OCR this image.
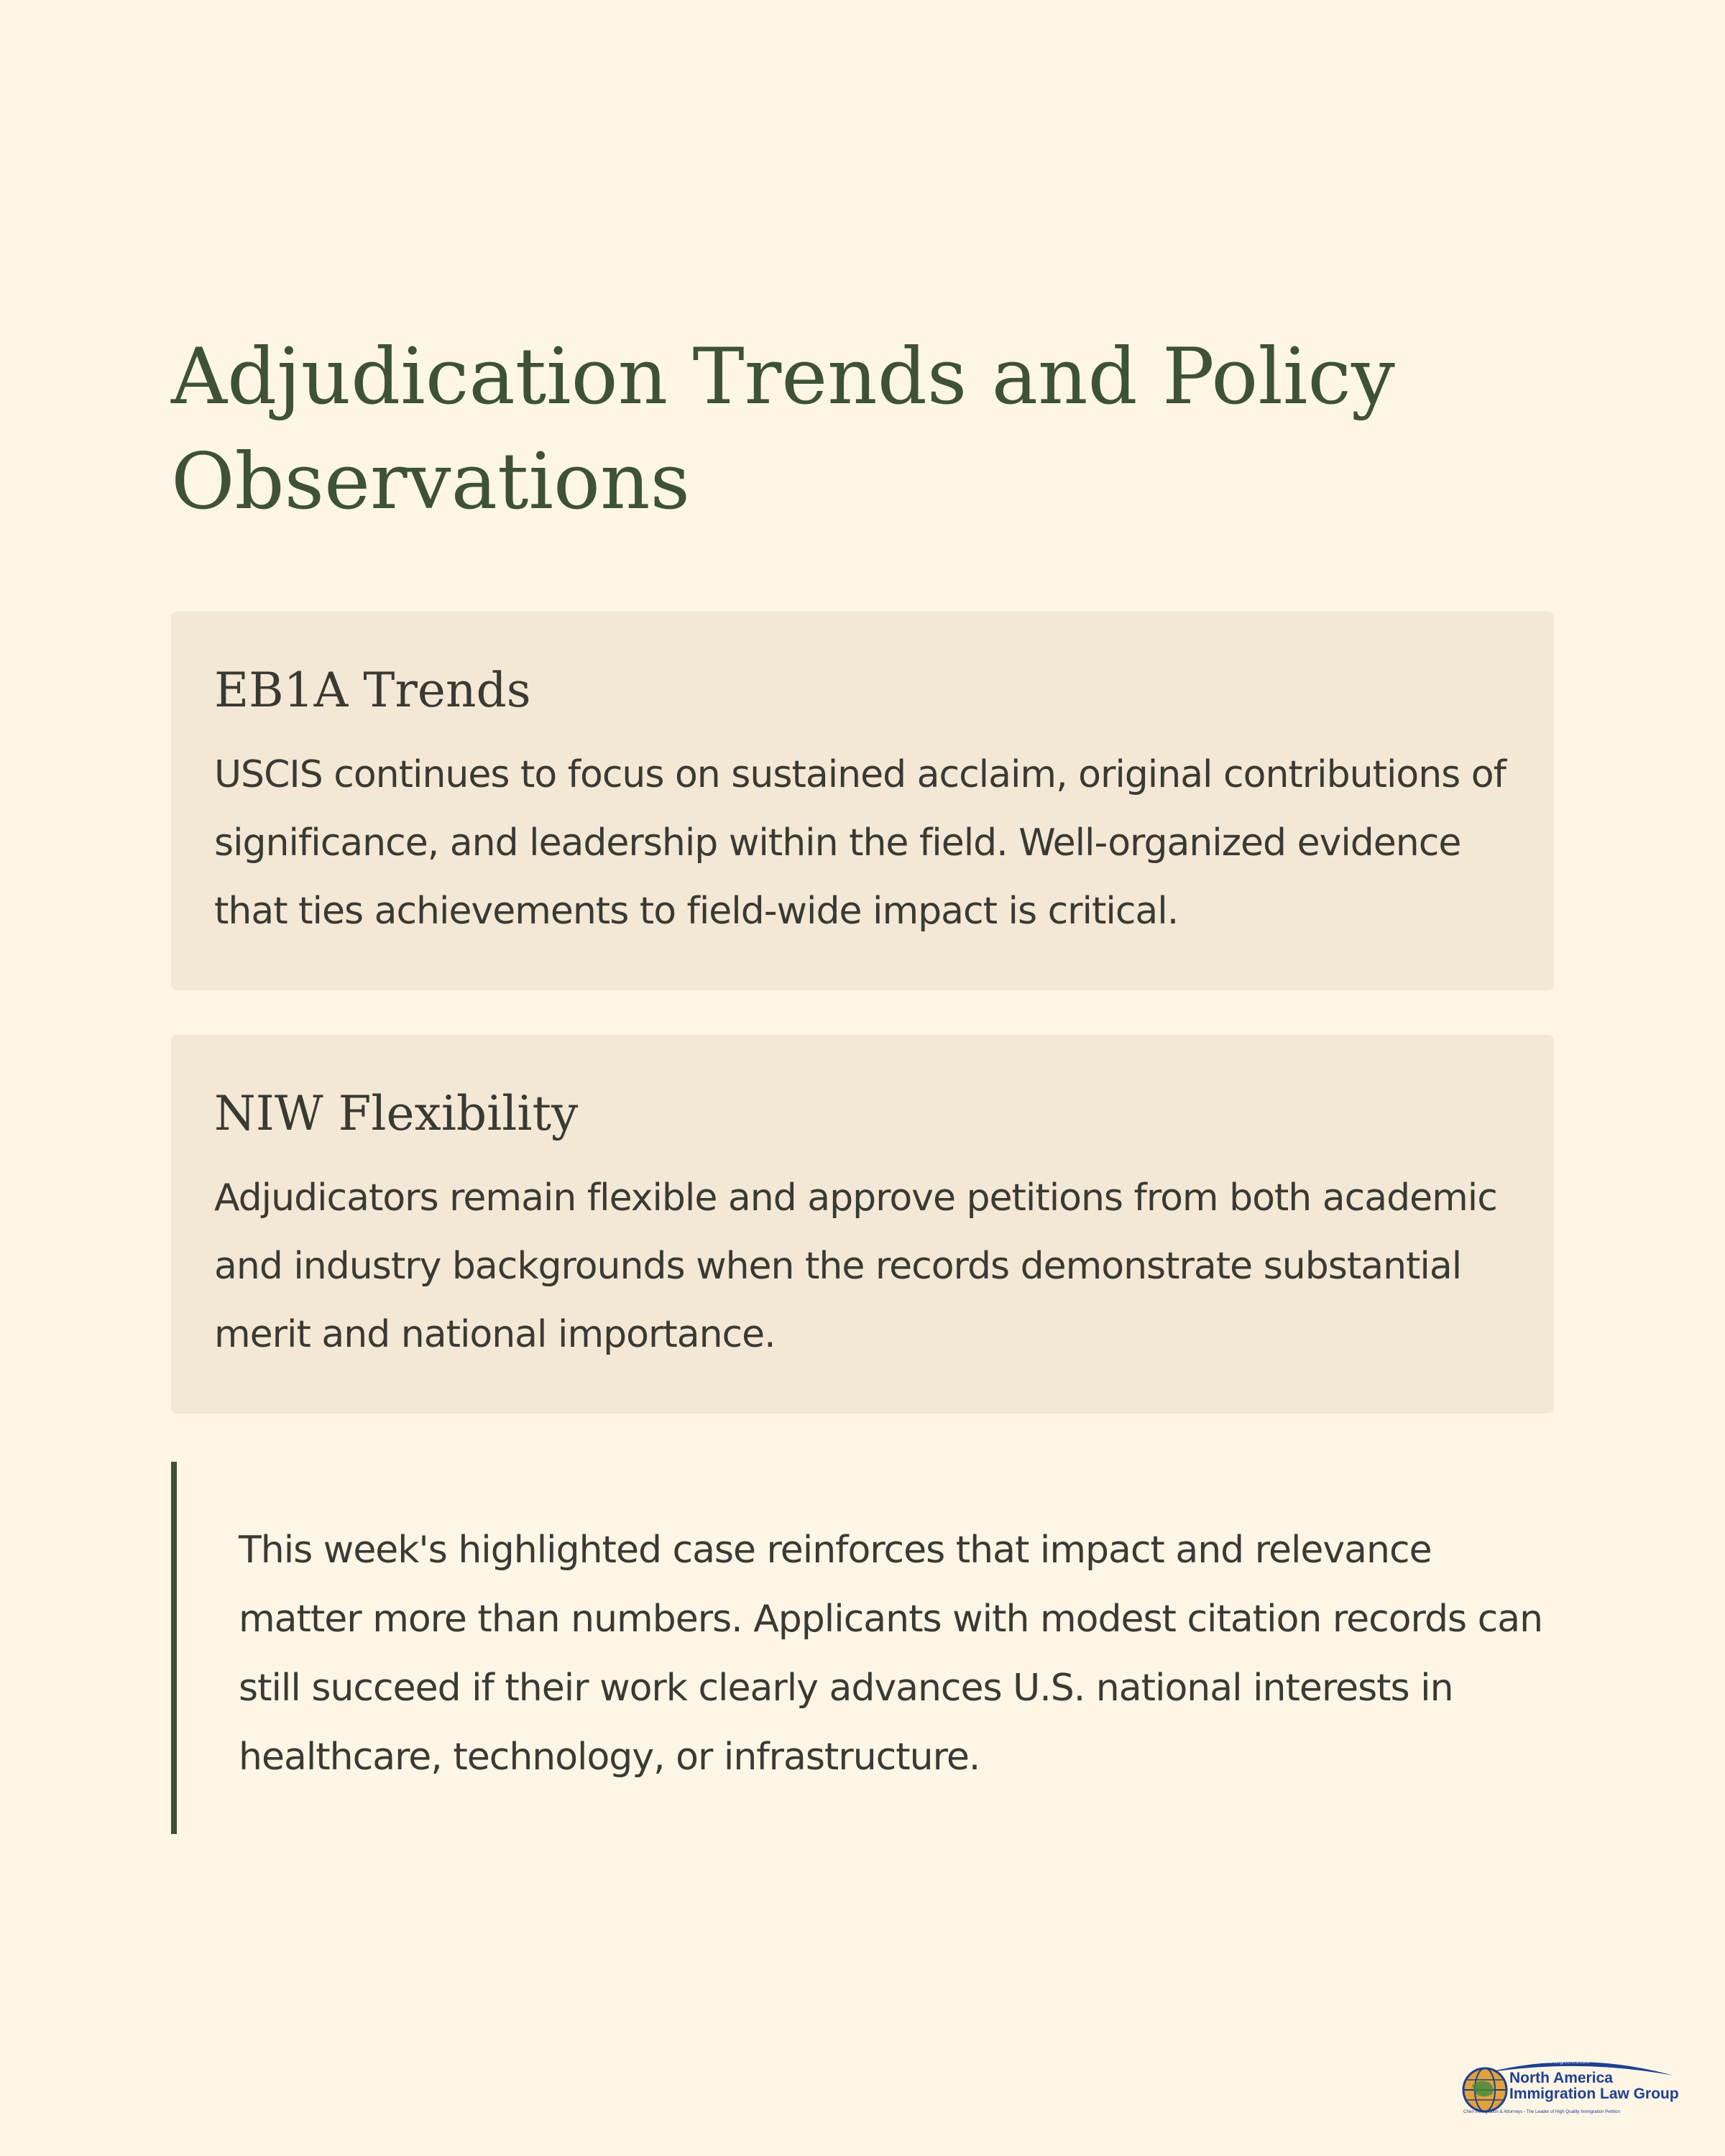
Adjudication Trends and Policy Observations
EB1A Trends

USCIS continues to focus on sustained acclaim, original contributions of significance, and leadership within the field. Well-organized evidence that ties achievements to field-wide impact is critical.

NIW Flexibility

Adjudicators remain flexible and approve petitions from both academic and industry backgrounds when the records demonstrate substantial merit and national importance.

This week's highlighted case reinforces that impact and relevance matter more than numbers. Applicants with modest citation records can still succeed if their work clearly advances U.S. national interests in healthcare, technology, or infrastructure.

www.wegreened.com
North America
Immigration Law Group
Chen Immigration & Attorneys - The Leader of High Quality Immigration Petition
